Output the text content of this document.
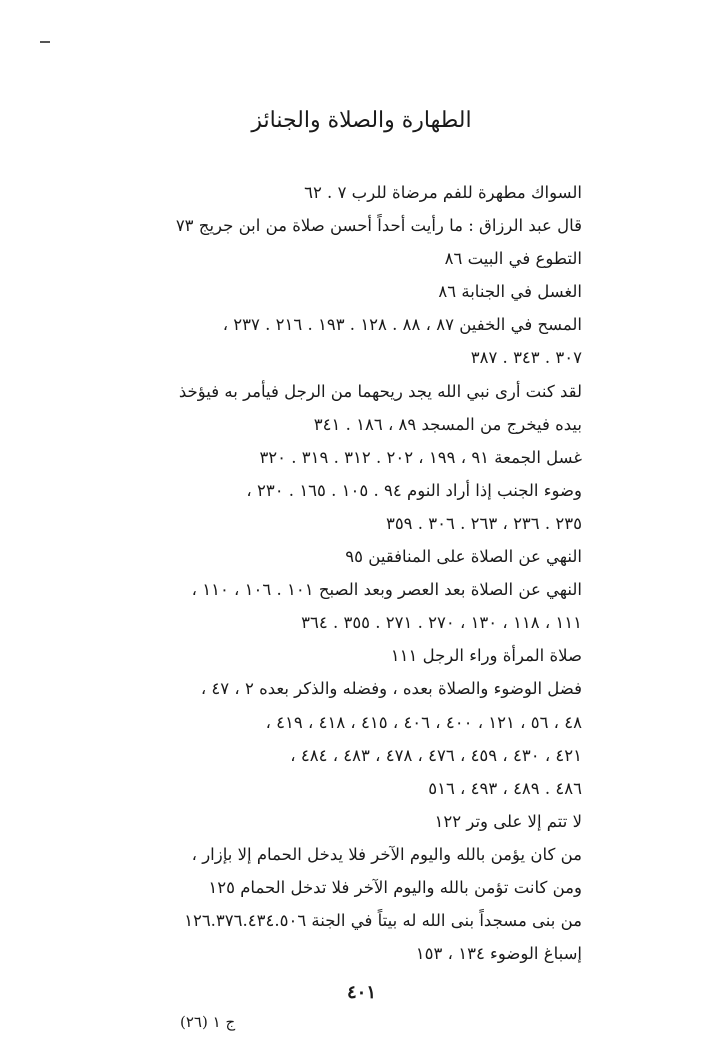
الطهارة والصلاة والجنائز

السواك مطهرة للفم مرضاة للرب ٧ . ٦٢

قال عبد الرزاق : ما رأيت أحداً أحسن صلاة من ابن جريج ٧٣

التطوع في البيت ٨٦

الغسل في الجنابة ٨٦

المسح في الخفين ٨٧ ، ٨٨ . ١٢٨ . ١٩٣ . ٢١٦ . ٢٣٧ ،
٣٠٧ . ٣٤٣ . ٣٨٧

لقد كنت أرى نبي الله يجد ريحهما من الرجل فيأمر به فيؤخذ
بيده فيخرج من المسجد ٨٩ ، ١٨٦ . ٣٤١

غسل الجمعة ٩١ ، ١٩٩ ، ٢٠٢ . ٣١٢ . ٣١٩ . ٣٢٠

وضوء الجنب إذا أراد النوم ٩٤ . ١٠٥ . ١٦٥ . ٢٣٠ ،
٢٣٥ . ٢٣٦ ، ٢٦٣ . ٣٠٦ . ٣٥٩

النهي عن الصلاة على المنافقين ٩٥

النهي عن الصلاة بعد العصر وبعد الصبح ١٠١ . ١٠٦ ، ١١٠ ،
١١١ ، ١١٨ ، ١٣٠ ، ٢٧٠ . ٢٧١ . ٣٥٥ . ٣٦٤

صلاة المرأة وراء الرجل ١١١

فضل الوضوء والصلاة بعده ، وفضله والذكر بعده ٢ ، ٤٧ ،
٤٨ ، ٥٦ ، ١٢١ ، ٤٠٠ ، ٤٠٦ ، ٤١٥ ، ٤١٨ ، ٤١٩ ،
٤٢١ ، ٤٣٠ ، ٤٥٩ ، ٤٧٦ ، ٤٧٨ ، ٤٨٣ ، ٤٨٤ ،
٤٨٦ . ٤٨٩ ، ٤٩٣ ، ٥١٦

لا تتم إلا على وتر ١٢٢

من كان يؤمن بالله واليوم الآخر فلا يدخل الحمام إلا بإزار ،

ومن كانت تؤمن بالله واليوم الآخر فلا تدخل الحمام ١٢٥

من بنى مسجداً بنى الله له بيتاً في الجنة ١٢٦.٣٧٦.٤٣٤.٥٠٦

إسباغ الوضوء ١٣٤ ، ١٥٣

٤٠١
ج ١ (٢٦)
